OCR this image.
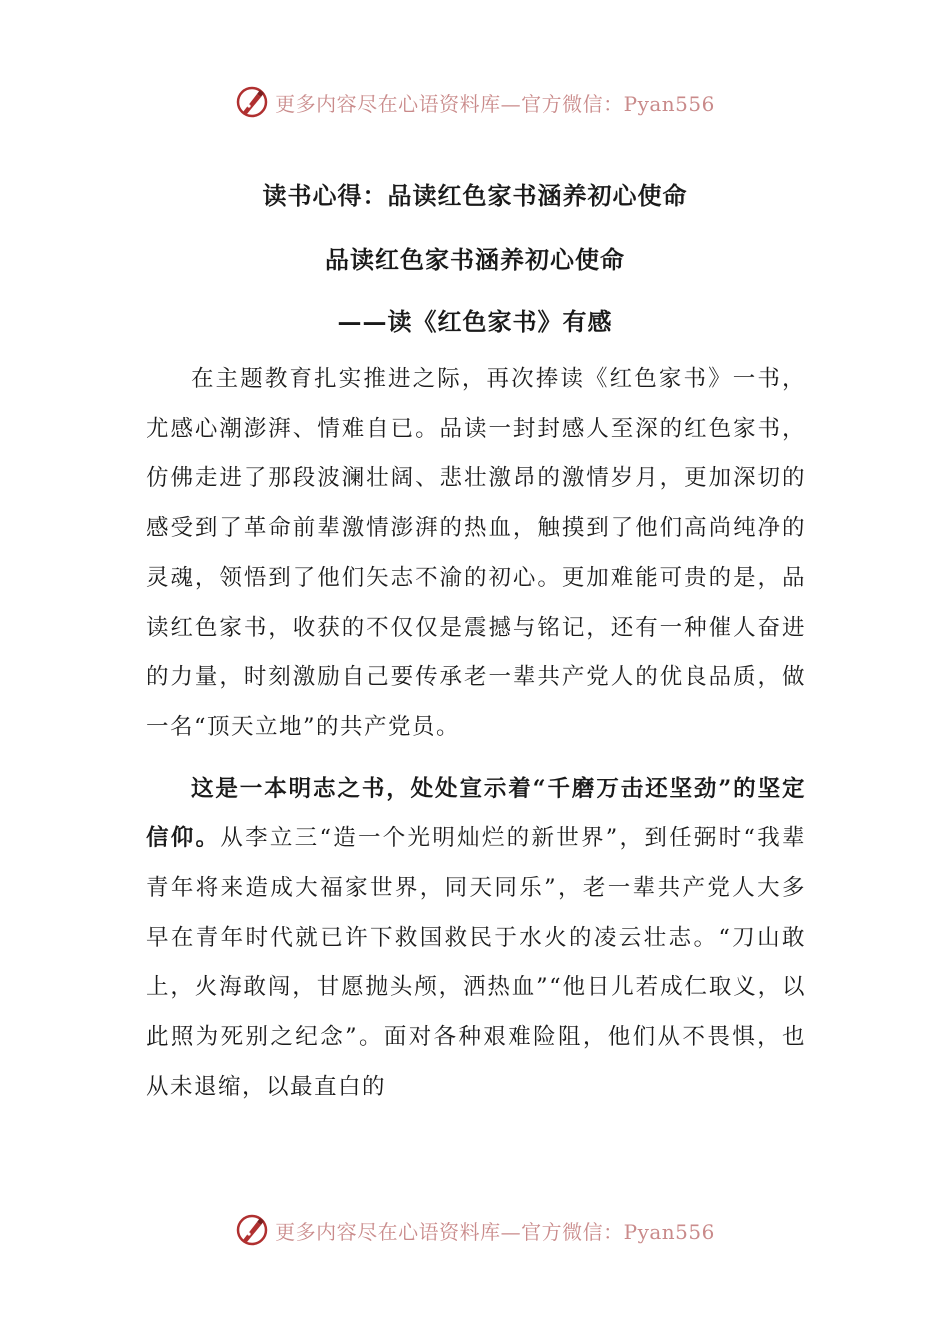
更多内容尽在心语资料库—官方微信：Pyan556
读书心得：品读红色家书涵养初心使命
品读红色家书涵养初心使命
——读《红色家书》有感

在主题教育扎实推进之际，再次捧读《红色家书》一书，尤感心潮澎湃、情难自已。品读一封封感人至深的红色家书，仿佛走进了那段波澜壮阔、悲壮激昂的激情岁月，更加深切的感受到了革命前辈激情澎湃的热血，触摸到了他们高尚纯净的灵魂，领悟到了他们矢志不渝的初心。更加难能可贵的是，品读红色家书，收获的不仅仅是震撼与铭记，还有一种催人奋进的力量，时刻激励自己要传承老一辈共产党人的优良品质，做一名“顶天立地”的共产党员。

这是一本明志之书，处处宣示着“千磨万击还坚劲”的坚定信仰。从李立三“造一个光明灿烂的新世界”，到任弼时“我辈青年将来造成大福家世界，同天同乐”，老一辈共产党人大多早在青年时代就已许下救国救民于水火的凌云壮志。“刀山敢上，火海敢闯，甘愿抛头颅，洒热血”“他日儿若成仁取义，以此照为死别之纪念”。面对各种艰难险阻，他们从不畏惧，也从未退缩，以最直白的

更多内容尽在心语资料库—官方微信：Pyan556
